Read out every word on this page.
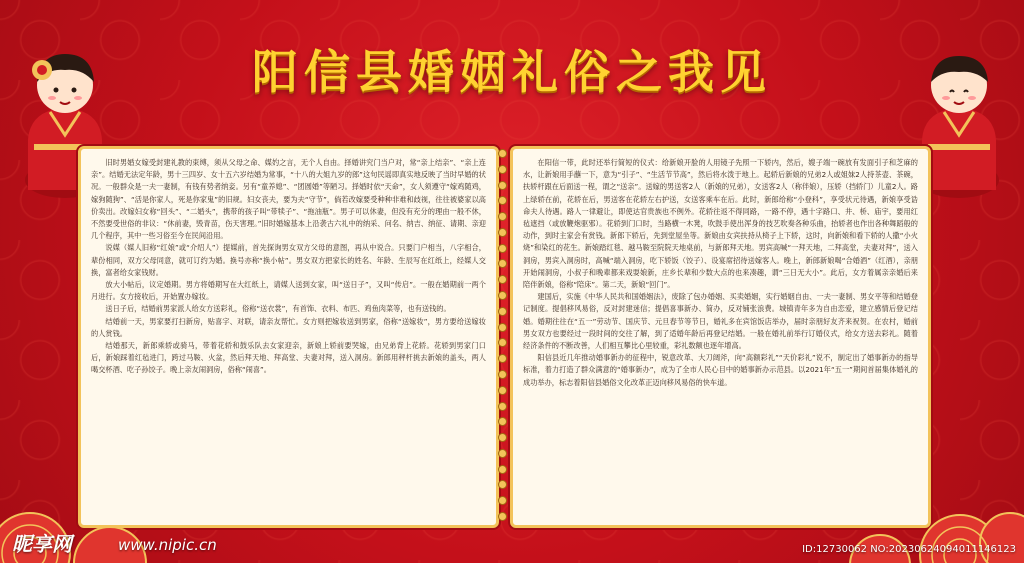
阳信县婚姻礼俗之我见

旧时男婚女嫁受封建礼教的束缚，须从父母之命、媒妁之言，无个人自由。择婚讲究门当户对，常“亲上结亲”、“亲上连亲”。结婚无法定年龄，男十三四岁、女十五六岁结婚为常事，“十八的大姐九岁的郎”这句民谣即真实地反映了当时早婚的状况。一般群众是一夫一妻制，有钱有势者纳妾。另有“童养媳”、“团圆婚”等陋习。择婚时依“天命”，女人须遵守“嫁鸡随鸡，嫁狗随狗”、“活是你家人，死是你家鬼”的旧规。妇女丧夫，要为夫“守节”，倘若改嫁要受种种非难和歧视，往往被婆家以高价卖出。改嫁妇女称“回头”、“二婚头”，携带的孩子叫“带犊子”、“拖油瓶”。男子可以休妻，但没有充分的理由一般不休，不然要受世俗的非议：“休前妻，毁青苗，伤天害理。”旧时婚嫁基本上沿袭古六礼中的纳采、问名、纳吉、纳征、请期、亲迎几个程序，其中一些习俗至今在民间沿用。

说媒（媒人旧称“红娘”或“介绍人”）提媒前，首先探询男女双方父母的意图，再从中说合。只要门户相当，八字相合，辈份相同，双方父母同意，就可订约为婚。换号亦称“换小帖”。男女双方把家长的姓名、年龄、生辰写在红纸上，经媒人交换，富者给女家钱财。

放大小帖后，议定婚期。男方将婚期写在大红纸上，请媒人送到女家，叫“送日子”，又叫“传启”。一般在婚期前一两个月进行。女方接收后，开始置办嫁妆。

送日子后，结婚前男家派人给女方送彩礼，俗称“送衣裳”，有首饰、衣料、布匹、鸡鱼肉菜等，也有送钱的。

结婚前一天，男家要打扫新房，贴喜字、对联，请亲友帮忙。女方则把嫁妆送到男家，俗称“送嫁妆”，男方要给送嫁妆的人赏钱。

结婚那天，新郎乘轿或骑马，带着花轿和鼓乐队去女家迎亲，新娘上轿前要哭嫁，由兄弟背上花轿。花轿到男家门口后，新娘踩着红毡进门，跨过马鞍、火盆，然后拜天地、拜高堂、夫妻对拜，送入洞房。新郎用秤杆挑去新娘的盖头，两人喝交杯酒、吃子孙饺子。晚上亲友闹洞房，俗称“闹喜”。

在阳信一带，此时还举行简短的仪式：给新娘开脸的人用镜子先照一下轿内，然后，嫂子端一碗放有发面引子和芝麻的水，让新娘用手蘸一下，意为“引子”、“生活节节高”，然后将水泼于地上。起轿后新娘的兄弟2人或姐妹2人持茶壶、茶碗，扶轿杆跟在后面送一程，谓之“送亲”。送嫁的男送客2人（新娘的兄弟），女送客2人（称伴娘），压轿（挡轿门）儿童2人。路上绿轿在前，花轿在后，男送客在花轿左右护送，女送客乘车在后。此时，新郎给称“小登科”，享受状元待遇，新娘享受诰命夫人待遇。路人一律避让，即使达官贵族也不例外。花轿往返不得同路，一路不停，遇十字路口、井、桥、庙宇，要用红毡遮挡（或放鞭炮驱邪）。花轿到门口时，当路横一木凳，吹鼓手使出浑身的技艺吹奏各种乐曲，抬轿者也作出各种舞蹈般的动作，到时主家会有赏钱。新郎下轿后，先到堂屋坐等。新娘由女宾扶持从椅子上下轿，这时，向新娘和看下轿的人撒“小火烧”和染红的花生。新娘踏红毯、越马鞍至院院天地桌前，与新郎拜天地。男宾高喊“一拜天地，二拜高堂，夫妻对拜”，送入洞房，男宾入洞房时，高喊“端入洞房，吃下轿饭（饺子）、设宴席招待送嫁客人。晚上，新郎新娘喝“合婚酒”（红酒），亲朋开始闹洞房，小叔子和晚辈都来戏耍娘新，庄乡长辈和少数大点的也来凑趣，谓“三日无大小”。此后，女方着属亲亲婚后来陪伴新娘，俗称“陪床”。第二天，新娘“回门”。

建国后，实施《中华人民共和国婚姻法》，废除了包办婚姻、买卖婚姻，实行婚姻自由、一夫一妻制、男女平等和结婚登记制度。提倡移风易俗，反对封建迷信；提倡喜事新办、简办，反对铺张浪费。城镇青年多为自由恋爱，建立感情后登记结婚。婚期往往在“五一”劳动节、国庆节、元旦春节等节日，婚礼多在宾馆饭店举办，届时亲朋好友齐来祝贺。在农村，婚前男女双方也要经过一段时间的交往了解，到了适婚年龄后再登记结婚。一般在婚礼前举行订婚仪式，给女方送去彩礼。随着经济条件的不断改善，人们相互攀比心里较重，彩礼数额也逐年增高。

阳信县近几年推动婚事新办的征程中，锐意改革、大刀阔斧，向“高额彩礼”“天价彩礼”说不，制定出了婚事新办的指导标准，着力打造了群众满意的“婚事新办”，成为了全市人民心目中的婚事新办示范县。以2021年“五一”期间首届集体婚礼的成功举办，标志着阳信县婚俗文化改革正迈向移风易俗的快车道。

昵享网	www.nipic.cn	ID:12730062 NO:20230624094011146123
